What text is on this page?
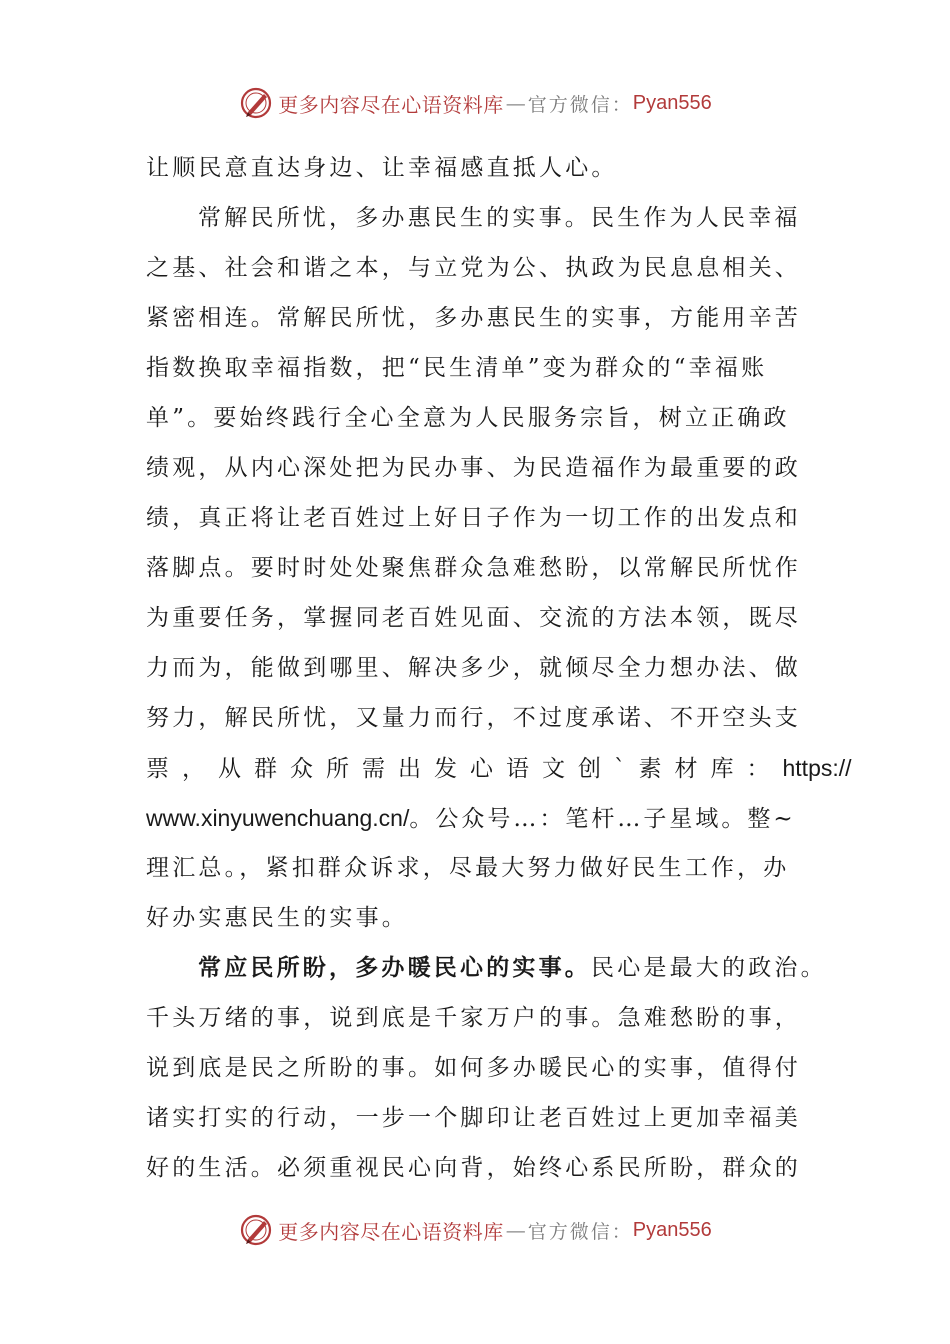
更多内容尽在心语资料库 — 官方微信： Pyan556
让顺民意直达身边、让幸福感直抵人心。
常解民所忧，多办惠民生的实事。民生作为人民幸福
之基、社会和谐之本，与立党为公、执政为民息息相关、
紧密相连。常解民所忧，多办惠民生的实事，方能用辛苦
指数换取幸福指数，把“民生清单”变为群众的“幸福账
单”。要始终践行全心全意为人民服务宗旨，树立正确政
绩观，从内心深处把为民办事、为民造福作为最重要的政
绩，真正将让老百姓过上好日子作为一切工作的出发点和
落脚点。要时时处处聚焦群众急难愁盼，以常解民所忧作
为重要任务，掌握同老百姓见面、交流的方法本领，既尽
力而为，能做到哪里、解决多少，就倾尽全力想办法、做
努力，解民所忧，又量力而行，不过度承诺、不开空头支
票，从群众所需出发心语文创`素材库：https://
www.xinyuwenchuang.cn/。公众号…：笔杆…子星域。整~
理汇总。，紧扣群众诉求，尽最大努力做好民生工作，办
好办实惠民生的实事。
常应民所盼，多办暖民心的实事。民心是最大的政治。
千头万绪的事，说到底是千家万户的事。急难愁盼的事，
说到底是民之所盼的事。如何多办暖民心的实事，值得付
诸实打实的行动，一步一个脚印让老百姓过上更加幸福美
好的生活。必须重视民心向背，始终心系民所盼，群众的
更多内容尽在心语资料库 — 官方微信： Pyan556
